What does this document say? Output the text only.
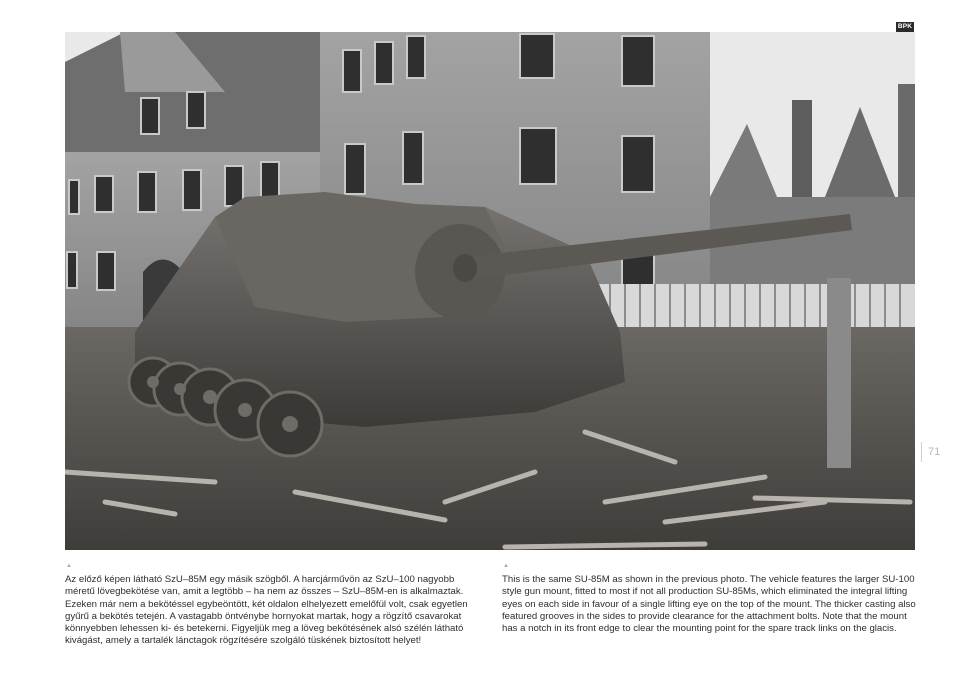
BPK
71
▲

Az előző képen látható SzU–85M egy másik szögből. A harcjárművön az SzU–100 nagyobb méretű lövegbekötése van, amit a legtöbb – ha nem az összes – SzU–85M-en is alkalmaztak. Ezeken már nem a bekötéssel egybeöntött, két oldalon elhelyezett emelőfül volt, csak egyetlen gyűrű a bekötés tetején. A vastagabb öntvénybe hornyokat martak, hogy a rögzítő csavarokat könnyebben lehessen ki- és betekerni. Figyeljük meg a löveg bekötésének alsó szélén látható kivágást, amely a tartalék lánctagok rögzítésére szolgáló tüskének biztosított helyet!

▲

This is the same SU-85M as shown in the previous photo. The vehicle features the larger SU-100 style gun mount, fitted to most if not all production SU-85Ms, which eliminated the integral lifting eyes on each side in favour of a single lifting eye on the top of the mount. The thicker casting also featured grooves in the sides to provide clearance for the attachment bolts. Note that the mount has a notch in its front edge to clear the mounting point for the spare track links on the glacis.
